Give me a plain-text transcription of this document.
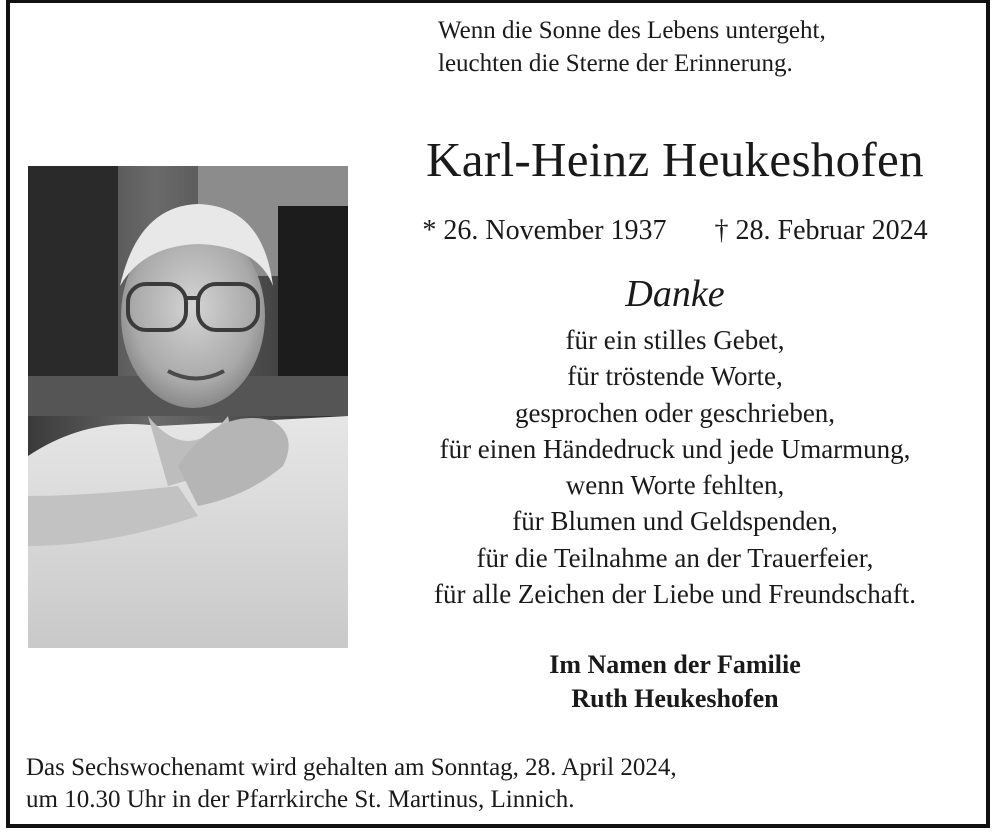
Wenn die Sonne des Lebens untergeht,
leuchten die Sterne der Erinnerung.
Karl-Heinz Heukeshofen
* 26. November 1937 † 28. Februar 2024
Danke
für ein stilles Gebet,
für tröstende Worte,
gesprochen oder geschrieben,
für einen Händedruck und jede Umarmung,
wenn Worte fehlten,
für Blumen und Geldspenden,
für die Teilnahme an der Trauerfeier,
für alle Zeichen der Liebe und Freundschaft.
Im Namen der Familie
Ruth Heukeshofen
Das Sechswochenamt wird gehalten am Sonntag, 28. April 2024,
um 10.30 Uhr in der Pfarrkirche St. Martinus, Linnich.
